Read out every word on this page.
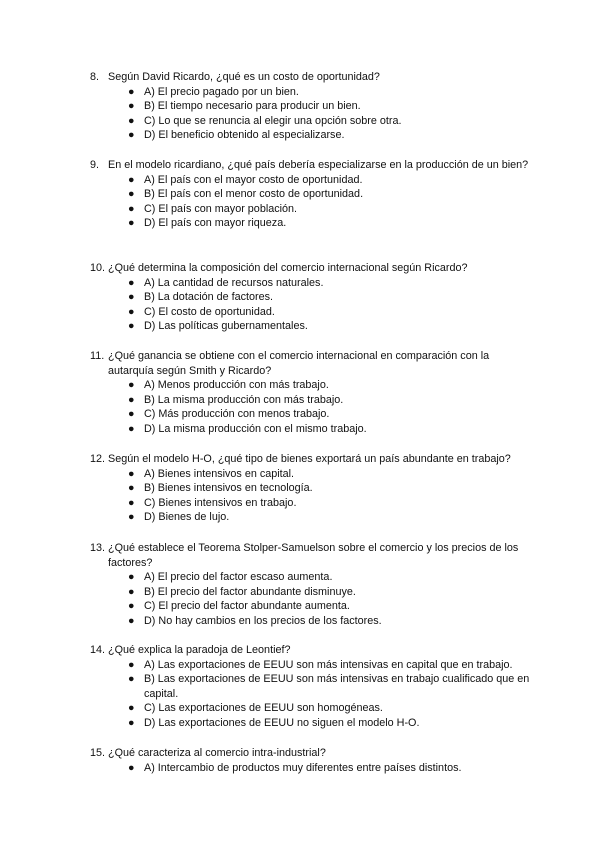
8. Según David Ricardo, ¿qué es un costo de oportunidad?
● A) El precio pagado por un bien.
● B) El tiempo necesario para producir un bien.
● C) Lo que se renuncia al elegir una opción sobre otra.
● D) El beneficio obtenido al especializarse.
9. En el modelo ricardiano, ¿qué país debería especializarse en la producción de un bien?
● A) El país con el mayor costo de oportunidad.
● B) El país con el menor costo de oportunidad.
● C) El país con mayor población.
● D) El país con mayor riqueza.
10. ¿Qué determina la composición del comercio internacional según Ricardo?
● A) La cantidad de recursos naturales.
● B) La dotación de factores.
● C) El costo de oportunidad.
● D) Las políticas gubernamentales.
11. ¿Qué ganancia se obtiene con el comercio internacional en comparación con la autarquía según Smith y Ricardo?
● A) Menos producción con más trabajo.
● B) La misma producción con más trabajo.
● C) Más producción con menos trabajo.
● D) La misma producción con el mismo trabajo.
12. Según el modelo H-O, ¿qué tipo de bienes exportará un país abundante en trabajo?
● A) Bienes intensivos en capital.
● B) Bienes intensivos en tecnología.
● C) Bienes intensivos en trabajo.
● D) Bienes de lujo.
13. ¿Qué establece el Teorema Stolper-Samuelson sobre el comercio y los precios de los factores?
● A) El precio del factor escaso aumenta.
● B) El precio del factor abundante disminuye.
● C) El precio del factor abundante aumenta.
● D) No hay cambios en los precios de los factores.
14. ¿Qué explica la paradoja de Leontief?
● A) Las exportaciones de EEUU son más intensivas en capital que en trabajo.
● B) Las exportaciones de EEUU son más intensivas en trabajo cualificado que en capital.
● C) Las exportaciones de EEUU son homogéneas.
● D) Las exportaciones de EEUU no siguen el modelo H-O.
15. ¿Qué caracteriza al comercio intra-industrial?
● A) Intercambio de productos muy diferentes entre países distintos.
